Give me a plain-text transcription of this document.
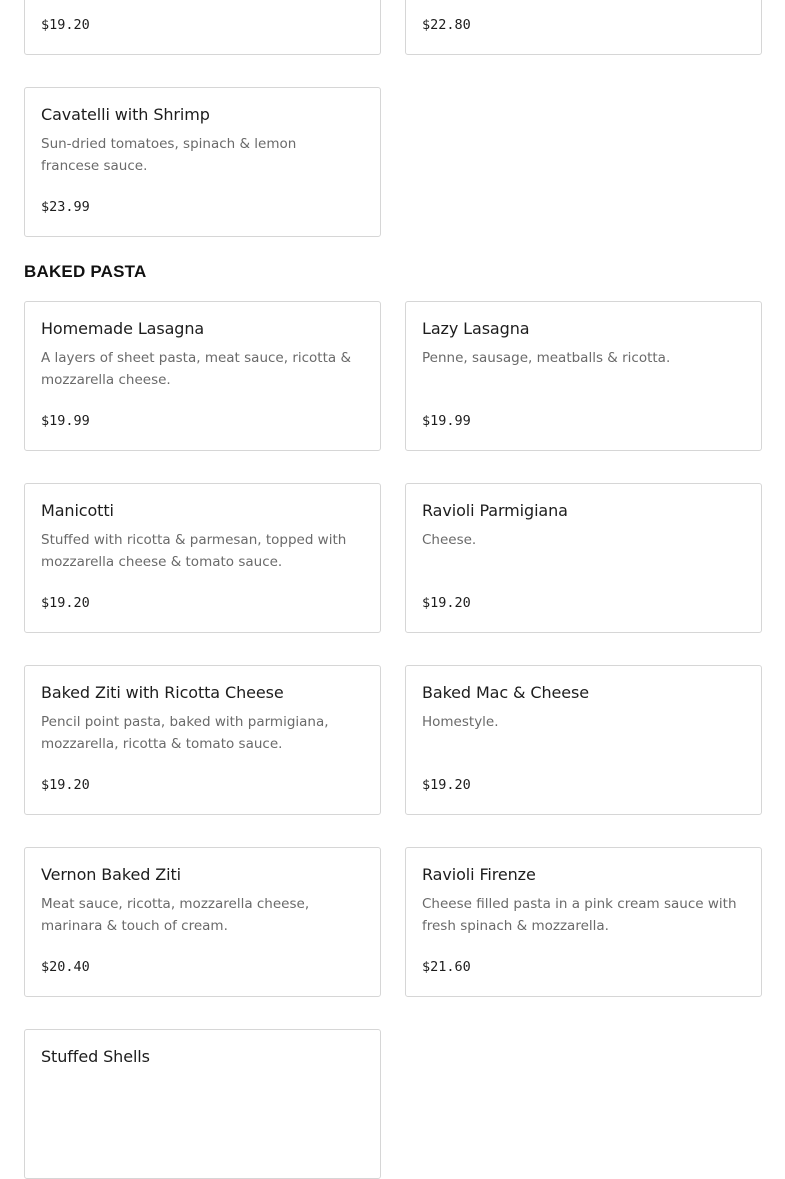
$19.20	$22.80
Cavatelli with Shrimp
Sun-dried tomatoes, spinach & lemon francese sauce.
$23.99
BAKED PASTA
Homemade Lasagna
A layers of sheet pasta, meat sauce, ricotta & mozzarella cheese.
$19.99
Lazy Lasagna
Penne, sausage, meatballs & ricotta.
$19.99
Manicotti
Stuffed with ricotta & parmesan, topped with mozzarella cheese & tomato sauce.
$19.20
Ravioli Parmigiana
Cheese.
$19.20
Baked Ziti with Ricotta Cheese
Pencil point pasta, baked with parmigiana, mozzarella, ricotta & tomato sauce.
$19.20
Baked Mac & Cheese
Homestyle.
$19.20
Vernon Baked Ziti
Meat sauce, ricotta, mozzarella cheese, marinara & touch of cream.
$20.40
Ravioli Firenze
Cheese filled pasta in a pink cream sauce with fresh spinach & mozzarella.
$21.60
Stuffed Shells
